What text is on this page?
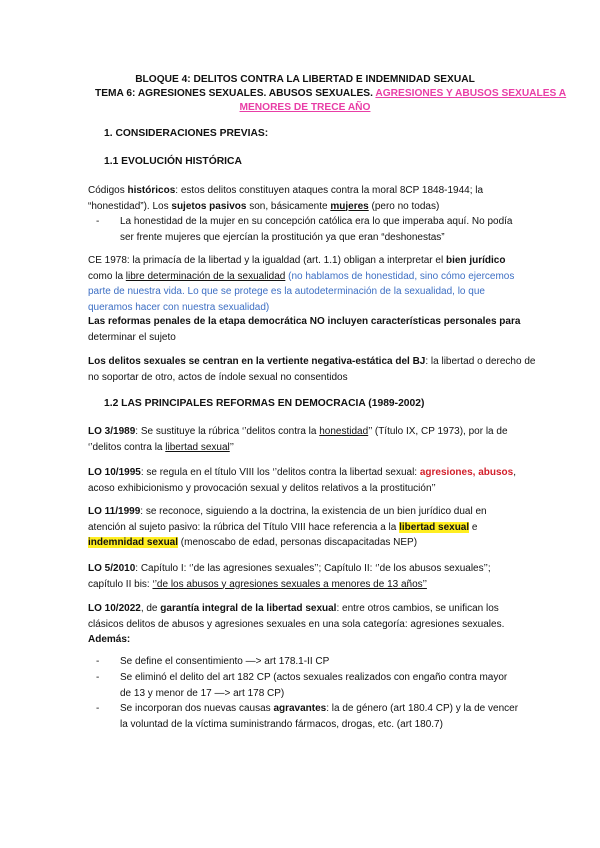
BLOQUE 4: DELITOS CONTRA LA LIBERTAD E INDEMNIDAD SEXUAL
TEMA 6: AGRESIONES SEXUALES. ABUSOS SEXUALES. AGRESIONES Y ABUSOS SEXUALES A
MENORES DE TRECE AÑO
1. CONSIDERACIONES PREVIAS:
1.1 EVOLUCIÓN HISTÓRICA
Códigos históricos: estos delitos constituyen ataques contra la moral 8CP 1848-1944; la
“honestidad”). Los sujetos pasivos son, básicamente mujeres (pero no todas)
- La honestidad de la mujer en su concepción católica era lo que imperaba aquí. No podía
ser frente mujeres que ejercían la prostitución ya que eran “deshonestas”
CE 1978: la primacía de la libertad y la igualdad (art. 1.1) obligan a interpretar el bien jurídico
como la libre determinación de la sexualidad (no hablamos de honestidad, sino cómo ejercemos
parte de nuestra vida. Lo que se protege es la autodeterminación de la sexualidad, lo que
queramos hacer con nuestra sexualidad)
Las reformas penales de la etapa democrática NO incluyen características personales para
determinar el sujeto
Los delitos sexuales se centran en la vertiente negativa-estática del BJ: la libertad o derecho de
no soportar de otro, actos de índole sexual no consentidos
1.2 LAS PRINCIPALES REFORMAS EN DEMOCRACIA (1989-2002)
LO 3/1989: Se sustituye la rúbrica ‘’delitos contra la honestidad’’ (Título IX, CP 1973), por la de
‘’delitos contra la libertad sexual’’
LO 10/1995: se regula en el título VIII los ‘’delitos contra la libertad sexual: agresiones, abusos,
acoso exhibicionismo y provocación sexual y delitos relativos a la prostitución’’
LO 11/1999: se reconoce, siguiendo a la doctrina, la existencia de un bien jurídico dual en
atención al sujeto pasivo: la rúbrica del Título VIII hace referencia a la libertad sexual e
indemnidad sexual (menoscabo de edad, personas discapacitadas NEP)
LO 5/2010: Capítulo I: ‘’de las agresiones sexuales’’; Capítulo II: ‘’de los abusos sexuales’’;
capítulo II bis: ‘’de los abusos y agresiones sexuales a menores de 13 años’’
LO 10/2022, de garantía integral de la libertad sexual: entre otros cambios, se unifican los
clásicos delitos de abusos y agresiones sexuales en una sola categoría: agresiones sexuales.
Además:
- Se define el consentimiento —> art 178.1-II CP
- Se eliminó el delito del art 182 CP (actos sexuales realizados con engaño contra mayor
de 13 y menor de 17 —> art 178 CP)
- Se incorporan dos nuevas causas agravantes: la de género (art 180.4 CP) y la de vencer
la voluntad de la víctima suministrando fármacos, drogas, etc. (art 180.7)
